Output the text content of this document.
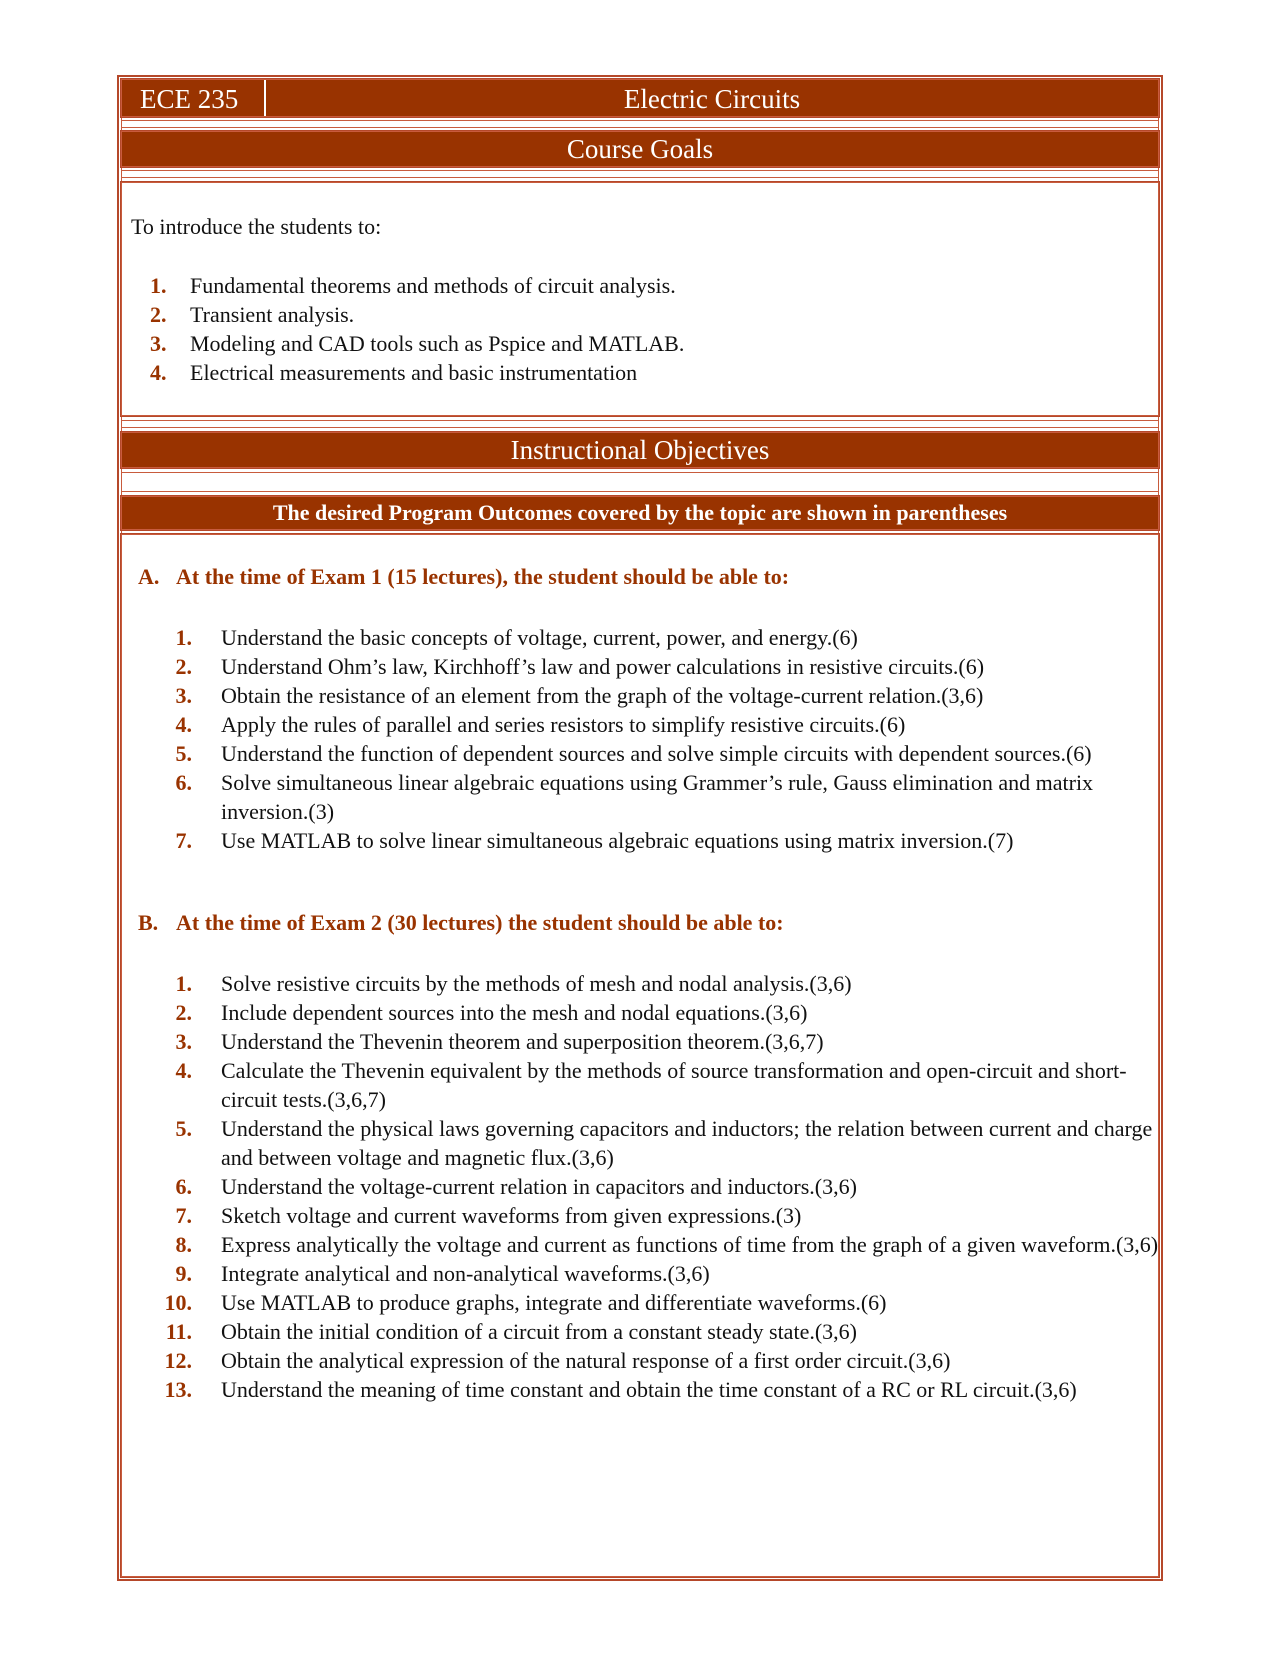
ECE 235	Electric Circuits
Course Goals
To introduce the students to:
1. Fundamental theorems and methods of circuit analysis.
2. Transient analysis.
3. Modeling and CAD tools such as Pspice and MATLAB.
4. Electrical measurements and basic instrumentation
Instructional Objectives
The desired Program Outcomes covered by the topic are shown in parentheses
A. At the time of Exam 1 (15 lectures), the student should be able to:
1. Understand the basic concepts of voltage, current, power, and energy.(6)
2. Understand Ohm’s law, Kirchhoff’s law and power calculations in resistive circuits.(6)
3. Obtain the resistance of an element from the graph of the voltage-current relation.(3,6)
4. Apply the rules of parallel and series resistors to simplify resistive circuits.(6)
5. Understand the function of dependent sources and solve simple circuits with dependent sources.(6)
6. Solve simultaneous linear algebraic equations using Grammer’s rule, Gauss elimination and matrix inversion.(3)
7. Use MATLAB to solve linear simultaneous algebraic equations using matrix inversion.(7)
B. At the time of Exam 2 (30 lectures) the student should be able to:
1. Solve resistive circuits by the methods of mesh and nodal analysis.(3,6)
2. Include dependent sources into the mesh and nodal equations.(3,6)
3. Understand the Thevenin theorem and superposition theorem.(3,6,7)
4. Calculate the Thevenin equivalent by the methods of source transformation and open-circuit and short-circuit tests.(3,6,7)
5. Understand the physical laws governing capacitors and inductors; the relation between current and charge and between voltage and magnetic flux.(3,6)
6. Understand the voltage-current relation in capacitors and inductors.(3,6)
7. Sketch voltage and current waveforms from given expressions.(3)
8. Express analytically the voltage and current as functions of time from the graph of a given waveform.(3,6)
9. Integrate analytical and non-analytical waveforms.(3,6)
10. Use MATLAB to produce graphs, integrate and differentiate waveforms.(6)
11. Obtain the initial condition of a circuit from a constant steady state.(3,6)
12. Obtain the analytical expression of the natural response of a first order circuit.(3,6)
13. Understand the meaning of time constant and obtain the time constant of a RC or RL circuit.(3,6)
